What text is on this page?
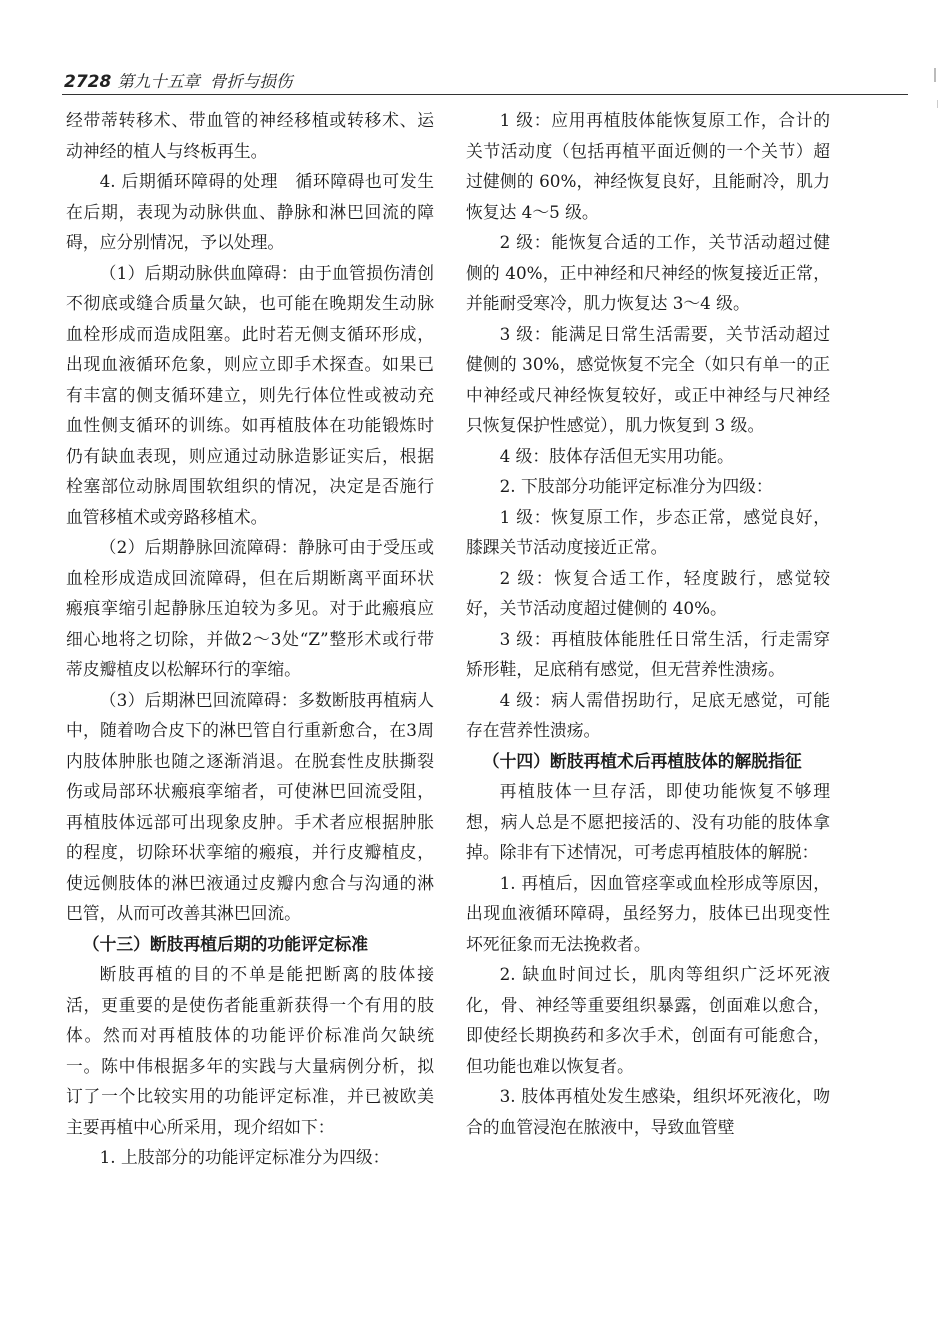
2728 第九十五章 骨折与损伤

经带蒂转移术、带血管的神经移植或转移术、运动神经的植人与终板再生。

4. 后期循环障碍的处理　循环障碍也可发生在后期，表现为动脉供血、静脉和淋巴回流的障碍，应分别情况，予以处理。

（1）后期动脉供血障碍：由于血管损伤清创不彻底或缝合质量欠缺，也可能在晚期发生动脉血栓形成而造成阻塞。此时若无侧支循环形成，出现血液循环危象，则应立即手术探查。如果已有丰富的侧支循环建立，则先行体位性或被动充血性侧支循环的训练。如再植肢体在功能锻炼时仍有缺血表现，则应通过动脉造影证实后，根据栓塞部位动脉周围软组织的情况，决定是否施行血管移植术或旁路移植术。

（2）后期静脉回流障碍：静脉可由于受压或血栓形成造成回流障碍，但在后期断离平面环状瘢痕挛缩引起静脉压迫较为多见。对于此瘢痕应细心地将之切除，并做2～3处“Z”整形术或行带蒂皮瓣植皮以松解环行的挛缩。

（3）后期淋巴回流障碍：多数断肢再植病人中，随着吻合皮下的淋巴管自行重新愈合，在3周内肢体肿胀也随之逐渐消退。在脱套性皮肤撕裂伤或局部环状瘢痕挛缩者，可使淋巴回流受阻，再植肢体远部可出现象皮肿。手术者应根据肿胀的程度，切除环状挛缩的瘢痕，并行皮瓣植皮，使远侧肢体的淋巴液通过皮瓣内愈合与沟通的淋巴管，从而可改善其淋巴回流。

（十三）断肢再植后期的功能评定标准

断肢再植的目的不单是能把断离的肢体接活，更重要的是使伤者能重新获得一个有用的肢体。然而对再植肢体的功能评价标准尚欠缺统一。陈中伟根据多年的实践与大量病例分析，拟订了一个比较实用的功能评定标准，并已被欧美主要再植中心所采用，现介绍如下：

1. 上肢部分的功能评定标准分为四级：

1 级：应用再植肢体能恢复原工作，合计的关节活动度（包括再植平面近侧的一个关节）超过健侧的 60%，神经恢复良好，且能耐冷，肌力恢复达 4～5 级。

2 级：能恢复合适的工作，关节活动超过健侧的 40%，正中神经和尺神经的恢复接近正常，并能耐受寒冷，肌力恢复达 3～4 级。

3 级：能满足日常生活需要，关节活动超过健侧的 30%，感觉恢复不完全（如只有单一的正中神经或尺神经恢复较好，或正中神经与尺神经只恢复保护性感觉），肌力恢复到 3 级。

4 级：肢体存活但无实用功能。

2. 下肢部分功能评定标准分为四级：

1 级：恢复原工作，步态正常，感觉良好，膝踝关节活动度接近正常。

2 级：恢复合适工作，轻度跛行，感觉较好，关节活动度超过健侧的 40%。

3 级：再植肢体能胜任日常生活，行走需穿矫形鞋，足底稍有感觉，但无营养性溃疡。

4 级：病人需借拐助行，足底无感觉，可能存在营养性溃疡。

（十四）断肢再植术后再植肢体的解脱指征

再植肢体一旦存活，即使功能恢复不够理想，病人总是不愿把接活的、没有功能的肢体拿掉。除非有下述情况，可考虑再植肢体的解脱：

1. 再植后，因血管痉挛或血栓形成等原因，出现血液循环障碍，虽经努力，肢体已出现变性坏死征象而无法挽救者。

2. 缺血时间过长，肌肉等组织广泛坏死液化，骨、神经等重要组织暴露，创面难以愈合，即使经长期换药和多次手术，创面有可能愈合，但功能也难以恢复者。

3. 肢体再植处发生感染，组织坏死液化，吻合的血管浸泡在脓液中，导致血管壁
